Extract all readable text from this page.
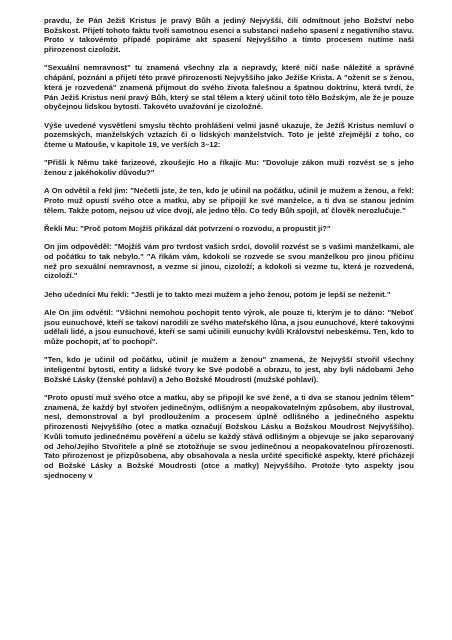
pravdu, že Pán Ježiš Kristus je pravý Bůh a jediný Nejvyšší, čili odmítnout jeho Božství nebo Božskost. Přijetí tohoto faktu tvoří samotnou esenci a substanci našeho spasení z negativního stavu. Proto v takovémto případě popíráme akt spasení Nejvyššího a tímto procesem nutíme naši přirozenost cizoložit.

"Sexuální nemravnost" tu znamená všechny zla a nepravdy, které ničí naše náležité a správné chápání, poznání a přijetí této pravé přirozenosti Nejvyššího jako Ježíše Krista. A "oženit se s ženou, která je rozvedená" znamená přijmout do svého života falešnou a špatnou doktrínu, která tvrdí, že Pán Ježiš Kristus není pravý Bůh, který se stal tělem a který učinil toto tělo Božským, ale že je pouze obyčejnou lidskou bytostí. Takovéto uvažování je cizoložné.

Výše uvedené vysvětlení smyslu těchto prohlášení velmi jasně ukazuje, že Ježíš Kristus nemluví o pozemských, manželských vztazích či o lidských manželstvích. Toto je ještě zřejmější z toho, co čteme u Matouše, v kapitole 19, ve verších 3–12:

"Přišli k Němu také farizeové, zkoušejíc Ho a říkajíc Mu: "Dovoluje zákon muži rozvést se s jeho ženou z jakéhokoliv důvodu?"

A On odvětil a řekl jim: "Nečetli jste, že ten, kdo je učinil na počátku, učinil je mužem a ženou, a řekl: Proto muž opustí svého otce a matku, aby se připojil ke své manželce, a ti dva se stanou jedním tělem. Takže potom, nejsou už více dvojí, ale jedno tělo. Co tedy Bůh spojil, ať člověk nerozlučuje."

Řekli Mu: "Proč potom Mojžíš přikázal dát potvrzení o rozvodu, a propustit ji?"

On jim odpověděl: "Mojžíš vám pro tvrdost vašich srdcí, dovolil rozvést se s vašimi manželkami, ale od počátku to tak nebylo." "A říkám vám, kdokoli se rozvede se svou manželkou pro jinou příčinu než pro sexuální nemravnost, a vezme si jinou, cizoloží; a kdokoli si vezme tu, která je rozvedená, cizoloží."

Jeho učedníci Mu řekli: "Jestli je to takto mezi mužem a jeho ženou, potom je lepší se neženit."

Ale On jim odvětil: "Všichni nemohou pochopit tento výrok, ale pouze ti, kterým je to dáno: "Neboť jsou eunuchové, kteří se takoví narodili ze svého mateřského lůna, a jsou eunuchové, které takovými udělali lidé, a jsou eunuchové, kteří se sami učinili eunuchy kvůli Království nebeskému. Ten, kdo to může pochopit, ať to pochopí".

"Ten, kdo je učinil od počátku, učinil je mužem a ženou" znamená, že Nejvyšší stvořil všechny inteligentní bytosti, entity a lidské tvory ke Své podobě a obrazu, to jest, aby byli nádobami Jeho Božské Lásky (ženské pohlaví) a Jeho Božské Moudrosti (mužské pohlaví).

"Proto opustí muž svého otce a matku, aby se připojil ke své ženě, a ti dva se stanou jedním tělem" znamená, že každý byl stvořen jedinečným, odlišným a neopakovatelným způsobem, aby ilustroval, nesl, demonstroval a byl prodloužením a procesem úplně odlišného a jedinečného aspektu přirozenosti Nejvyššího (otec a matka označují Božskou Lásku a Božskou Moudrost Nejvyššího). Kvůli tomuto jedinečnému pověření a účelu se každý stává odlišným a objevuje se jako separovaný od Jeho/Jejího Stvořitele a plně se ztotožňuje se svou jedinečnou a neopakovatelnou přirozeností. Tato přirozenost je přizpůsobena, aby obsahovala a nesla určité specifické aspekty, které přicházejí od Božské Lásky a Božské Moudrosti (otce a matky) Nejvyššího. Protože tyto aspekty jsou sjednoceny v
